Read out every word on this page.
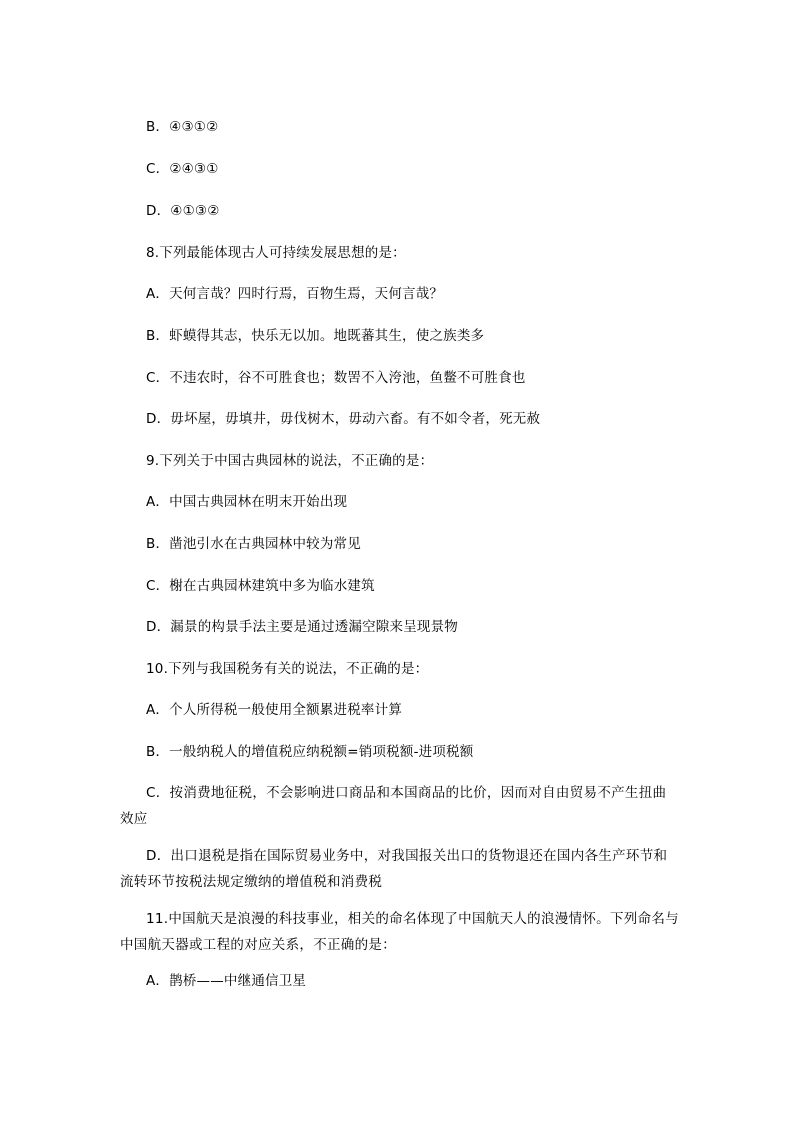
B．④③①②
C．②④③①
D．④①③②
8.下列最能体现古人可持续发展思想的是：
A．天何言哉？四时行焉，百物生焉，天何言哉？
B．虾蟆得其志，快乐无以加。地既蕃其生，使之族类多
C．不违农时，谷不可胜食也；数罟不入洿池，鱼鳖不可胜食也
D．毋坏屋，毋填井，毋伐树木，毋动六畜。有不如令者，死无赦
9.下列关于中国古典园林的说法，不正确的是：
A．中国古典园林在明末开始出现
B．凿池引水在古典园林中较为常见
C．榭在古典园林建筑中多为临水建筑
D．漏景的构景手法主要是通过透漏空隙来呈现景物
10.下列与我国税务有关的说法，不正确的是：
A．个人所得税一般使用全额累进税率计算
B．一般纳税人的增值税应纳税额=销项税额-进项税额
C．按消费地征税，不会影响进口商品和本国商品的比价，因而对自由贸易不产生扭曲效应
D．出口退税是指在国际贸易业务中，对我国报关出口的货物退还在国内各生产环节和流转环节按税法规定缴纳的增值税和消费税
11.中国航天是浪漫的科技事业，相关的命名体现了中国航天人的浪漫情怀。下列命名与中国航天器或工程的对应关系，不正确的是：
A．鹊桥——中继通信卫星
